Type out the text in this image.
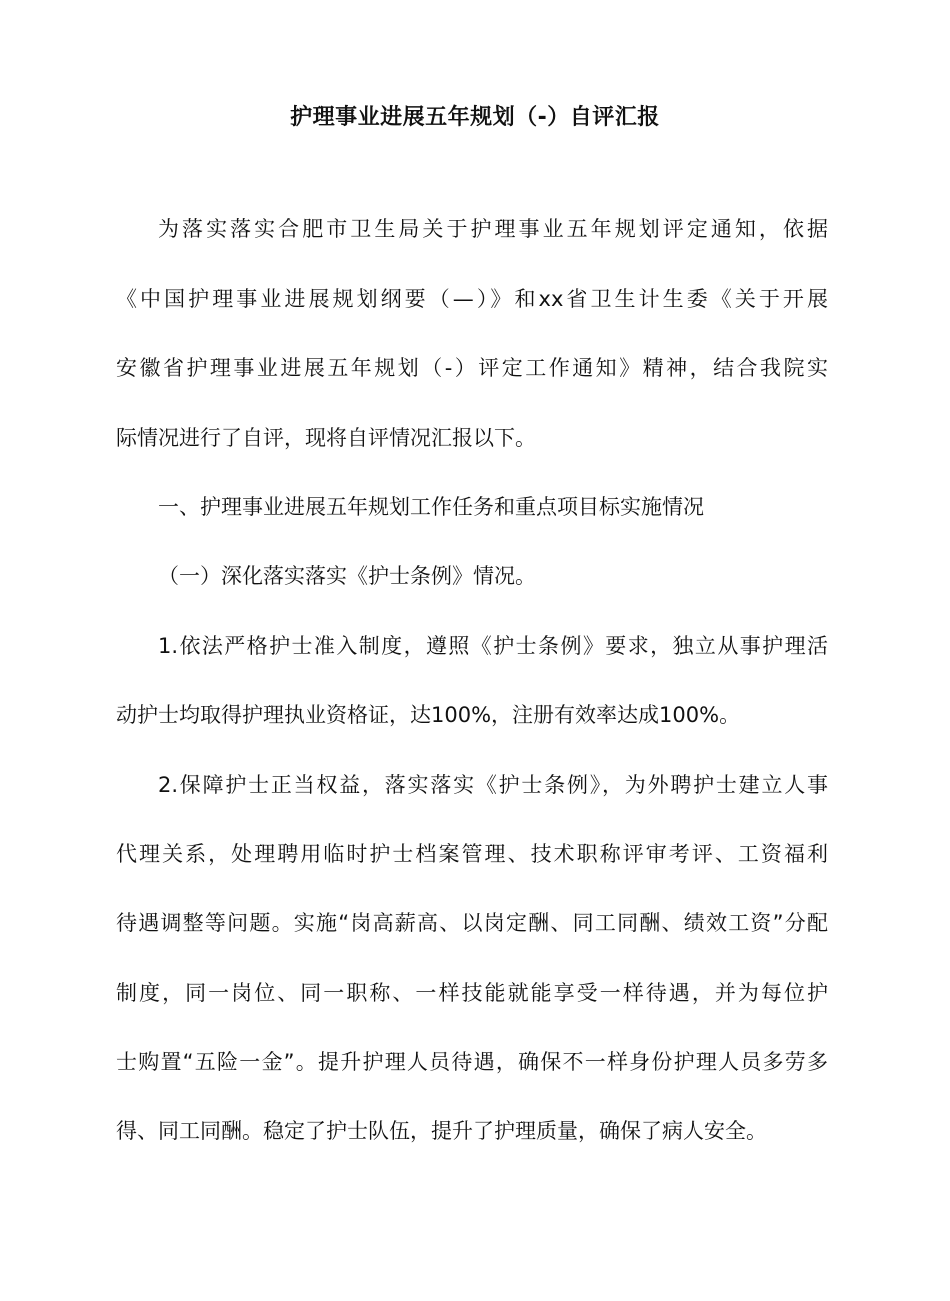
护理事业进展五年规划（-）自评汇报
为落实落实合肥市卫生局关于护理事业五年规划评定通知，依据
《中国护理事业进展规划纲要（—）》和xx省卫生计生委《关于开展
安徽省护理事业进展五年规划（-）评定工作通知》精神，结合我院实
际情况进行了自评，现将自评情况汇报以下。
一、护理事业进展五年规划工作任务和重点项目标实施情况
（一）深化落实落实《护士条例》情况。
1.依法严格护士准入制度，遵照《护士条例》要求，独立从事护理活
动护士均取得护理执业资格证，达100%，注册有效率达成100%。
2.保障护士正当权益，落实落实《护士条例》，为外聘护士建立人事
代理关系，处理聘用临时护士档案管理、技术职称评审考评、工资福利
待遇调整等问题。实施“岗高薪高、以岗定酬、同工同酬、绩效工资”分配
制度，同一岗位、同一职称、一样技能就能享受一样待遇，并为每位护
士购置“五险一金”。提升护理人员待遇，确保不一样身份护理人员多劳多
得、同工同酬。稳定了护士队伍，提升了护理质量，确保了病人安全。
